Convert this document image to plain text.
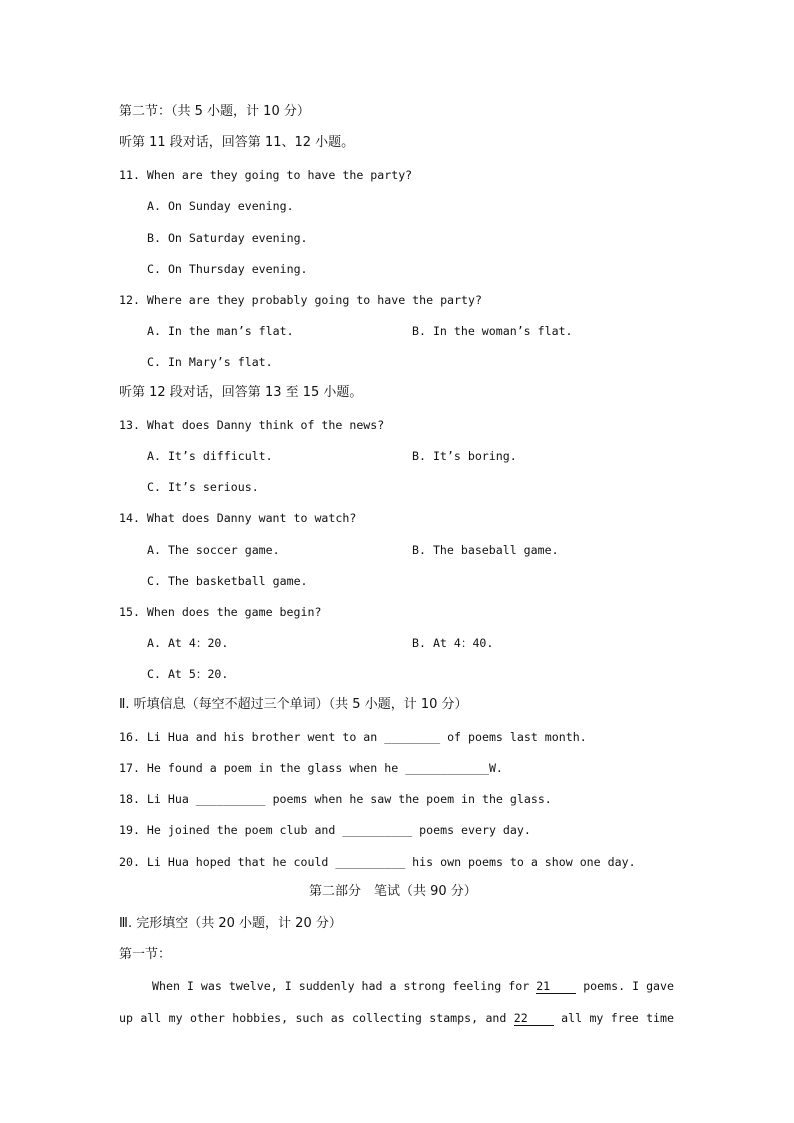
第二节：（共 5 小题，计 10 分）
听第 11 段对话，回答第 11、12 小题。
11. When are they going to have the party?
A. On Sunday evening.
B. On Saturday evening.
C. On Thursday evening.
12. Where are they probably going to have the party?
A. In the man’s flat.	B. In the woman’s flat.
C. In Mary’s flat.
听第 12 段对话，回答第 13 至 15 小题。
13. What does Danny think of the news?
A. It’s difficult.	B. It’s boring.
C. It’s serious.
14. What does Danny want to watch?
A. The soccer game.	B. The baseball game.
C. The basketball game.
15. When does the game begin?
A. At 4：20.	B. At 4：40.
C. At 5：20.
Ⅱ. 听填信息（每空不超过三个单词）（共 5 小题，计 10 分）
16. Li Hua and his brother went to an ________ of poems last month.
17. He found a poem in the glass when he ____________W.
18. Li Hua __________ poems when he saw the poem in the glass.
19. He joined the poem club and __________ poems every day.
20. Li Hua hoped that he could __________ his own poems to a show one day.
第二部分　笔试（共 90 分）
Ⅲ. 完形填空（共 20 小题，计 20 分）
第一节：
When I was twelve, I suddenly had a strong feeling for 21	poems. I gave
up all my other hobbies, such as collecting stamps, and 22	all my free time
